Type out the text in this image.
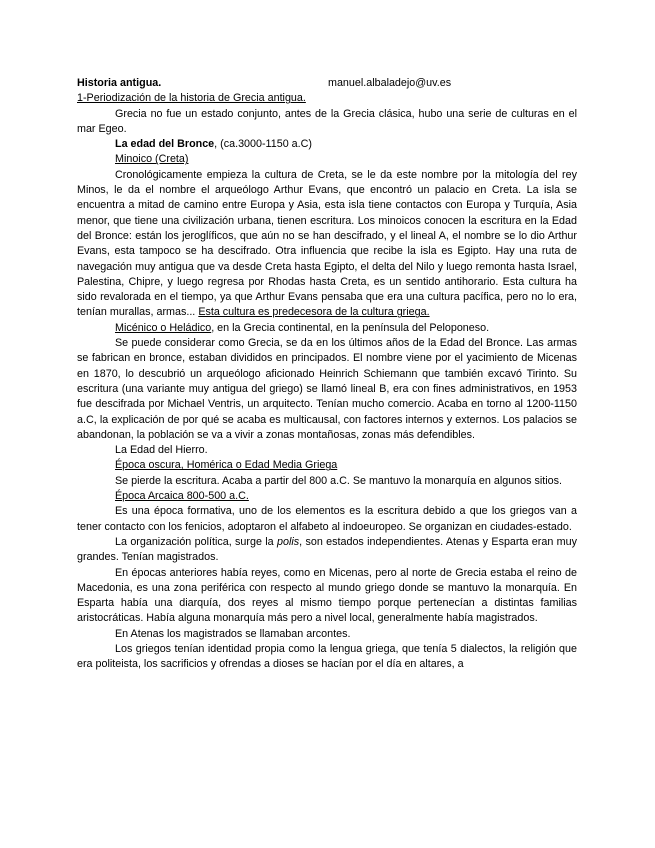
Historia antigua.	manuel.albaladejo@uv.es
1-Periodización de la historia de Grecia antigua.
Grecia no fue un estado conjunto, antes de la Grecia clásica, hubo una serie de culturas en el mar Egeo.
La edad del Bronce, (ca.3000-1150 a.C)
Minoico (Creta)
Cronológicamente empieza la cultura de Creta, se le da este nombre por la mitología del rey Minos, le da el nombre el arqueólogo Arthur Evans, que encontró un palacio en Creta. La isla se encuentra a mitad de camino entre Europa y Asia, esta isla tiene contactos con Europa y Turquía, Asia menor, que tiene una civilización urbana, tienen escritura. Los minoicos conocen la escritura en la Edad del Bronce: están los jeroglíficos, que aún no se han descifrado, y el lineal A, el nombre se lo dio Arthur Evans, esta tampoco se ha descifrado. Otra influencia que recibe la isla es Egipto. Hay una ruta de navegación muy antigua que va desde Creta hasta Egipto, el delta del Nilo y luego remonta hasta Israel, Palestina, Chipre, y luego regresa por Rhodas hasta Creta, es un sentido antihorario. Esta cultura ha sido revalorada en el tiempo, ya que Arthur Evans pensaba que era una cultura pacífica, pero no lo era, tenían murallas, armas... Esta cultura es predecesora de la cultura griega.
Micénico o Heládico, en la Grecia continental, en la península del Peloponeso.
Se puede considerar como Grecia, se da en los últimos años de la Edad del Bronce. Las armas se fabrican en bronce, estaban divididos en principados. El nombre viene por el yacimiento de Micenas en 1870, lo descubrió un arqueólogo aficionado Heinrich Schiemann que también excavó Tirinto. Su escritura (una variante muy antigua del griego) se llamó lineal B, era con fines administrativos, en 1953 fue descifrada por Michael Ventris, un arquitecto. Tenían mucho comercio. Acaba en torno al 1200-1150 a.C, la explicación de por qué se acaba es multicausal, con factores internos y externos. Los palacios se abandonan, la población se va a vivir a zonas montañosas, zonas más defendibles.
La Edad del Hierro.
Época oscura, Homérica o Edad Media Griega
Se pierde la escritura. Acaba a partir del 800 a.C. Se mantuvo la monarquía en algunos sitios.
Época Arcaica 800-500 a.C.
Es una época formativa, uno de los elementos es la escritura debido a que los griegos van a tener contacto con los fenicios, adoptaron el alfabeto al indoeuropeo. Se organizan en ciudades-estado.
La organización política, surge la polis, son estados independientes. Atenas y Esparta eran muy grandes. Tenían magistrados.
En épocas anteriores había reyes, como en Micenas, pero al norte de Grecia estaba el reino de Macedonia, es una zona periférica con respecto al mundo griego donde se mantuvo la monarquía. En Esparta había una diarquía, dos reyes al mismo tiempo porque pertenecían a distintas familias aristocráticas. Había alguna monarquía más pero a nivel local, generalmente había magistrados.
En Atenas los magistrados se llamaban arcontes.
Los griegos tenían identidad propia como la lengua griega, que tenía 5 dialectos, la religión que era politeista, los sacrificios y ofrendas a dioses se hacían por el día en altares, a
